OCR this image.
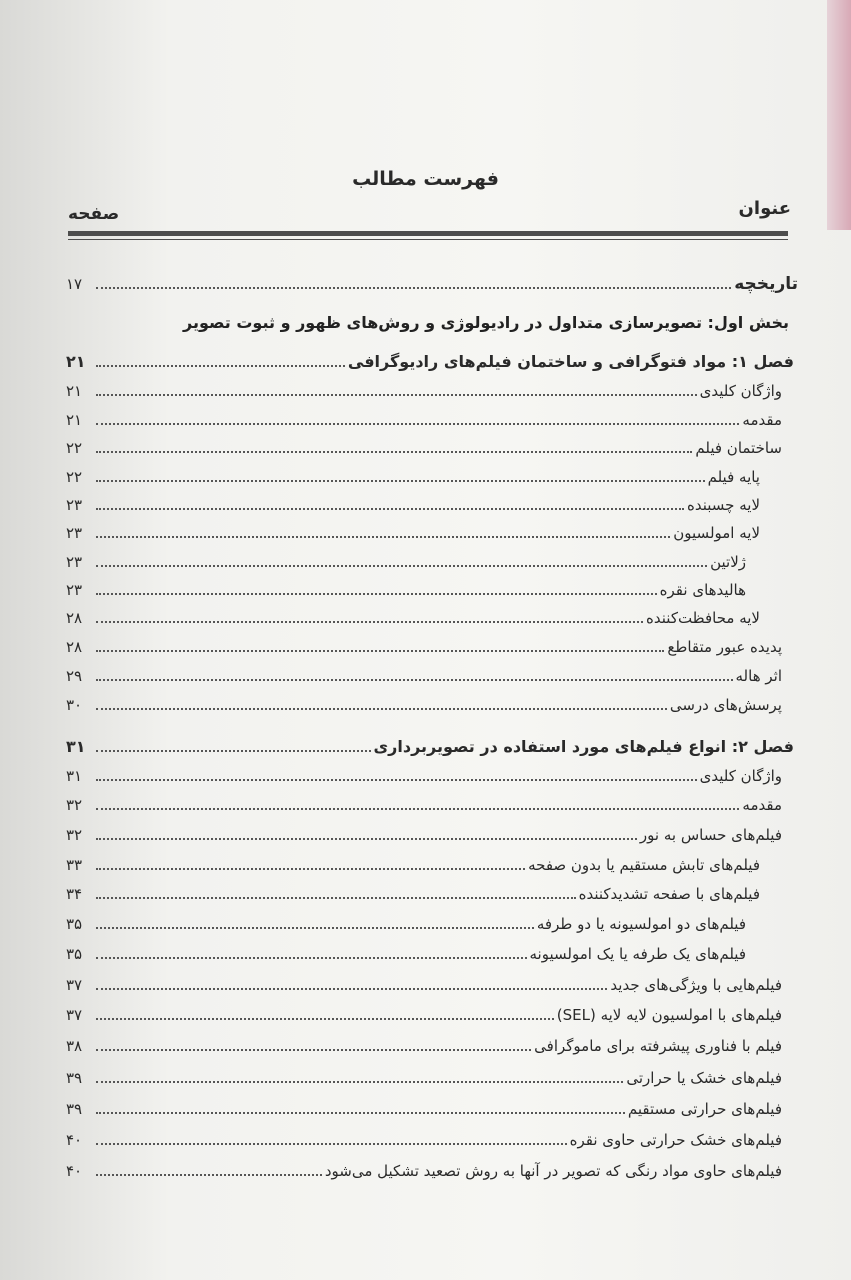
فهرست مطالب
عنوان
صفحه
۱۷	تاریخچه
بخش اول: تصویرسازی متداول در رادیولوژی و روش‌های ظهور و ثبوت تصویر
۲۱	فصل ۱: مواد فتوگرافی و ساختمان فیلم‌های رادیوگرافی
۲۱	واژگان کلیدی
۲۱	مقدمه
۲۲	ساختمان فیلم
۲۲	پایه فیلم
۲۳	لایه چسبنده
۲۳	لایه امولسیون
۲۳	ژلاتین
۲۳	هالیدهای نقره
۲۸	لایه محافظت‌کننده
۲۸	پدیده عبور متقاطع
۲۹	اثر هاله
۳۰	پرسش‌های درسی
۳۱	فصل ۲: انواع فیلم‌های مورد استفاده در تصویربرداری
۳۱	واژگان کلیدی
۳۲	مقدمه
۳۲	فیلم‌های حساس به نور
۳۳	فیلم‌های تابش مستقیم یا بدون صفحه
۳۴	فیلم‌های با صفحه تشدیدکننده
۳۵	فیلم‌های دو امولسیونه یا دو طرفه
۳۵	فیلم‌های یک طرفه یا یک امولسیونه
۳۷	فیلم‌هایی با ویژگی‌های جدید
۳۷	فیلم‌های با امولسیون لایه لایه (SEL)
۳۸	فیلم با فناوری پیشرفته برای ماموگرافی
۳۹	فیلم‌های خشک یا حرارتی
۳۹	فیلم‌های حرارتی مستقیم
۴۰	فیلم‌های خشک حرارتی حاوی نقره
۴۰	فیلم‌های حاوی مواد رنگی که تصویر در آنها به روش تصعید تشکیل می‌شود
